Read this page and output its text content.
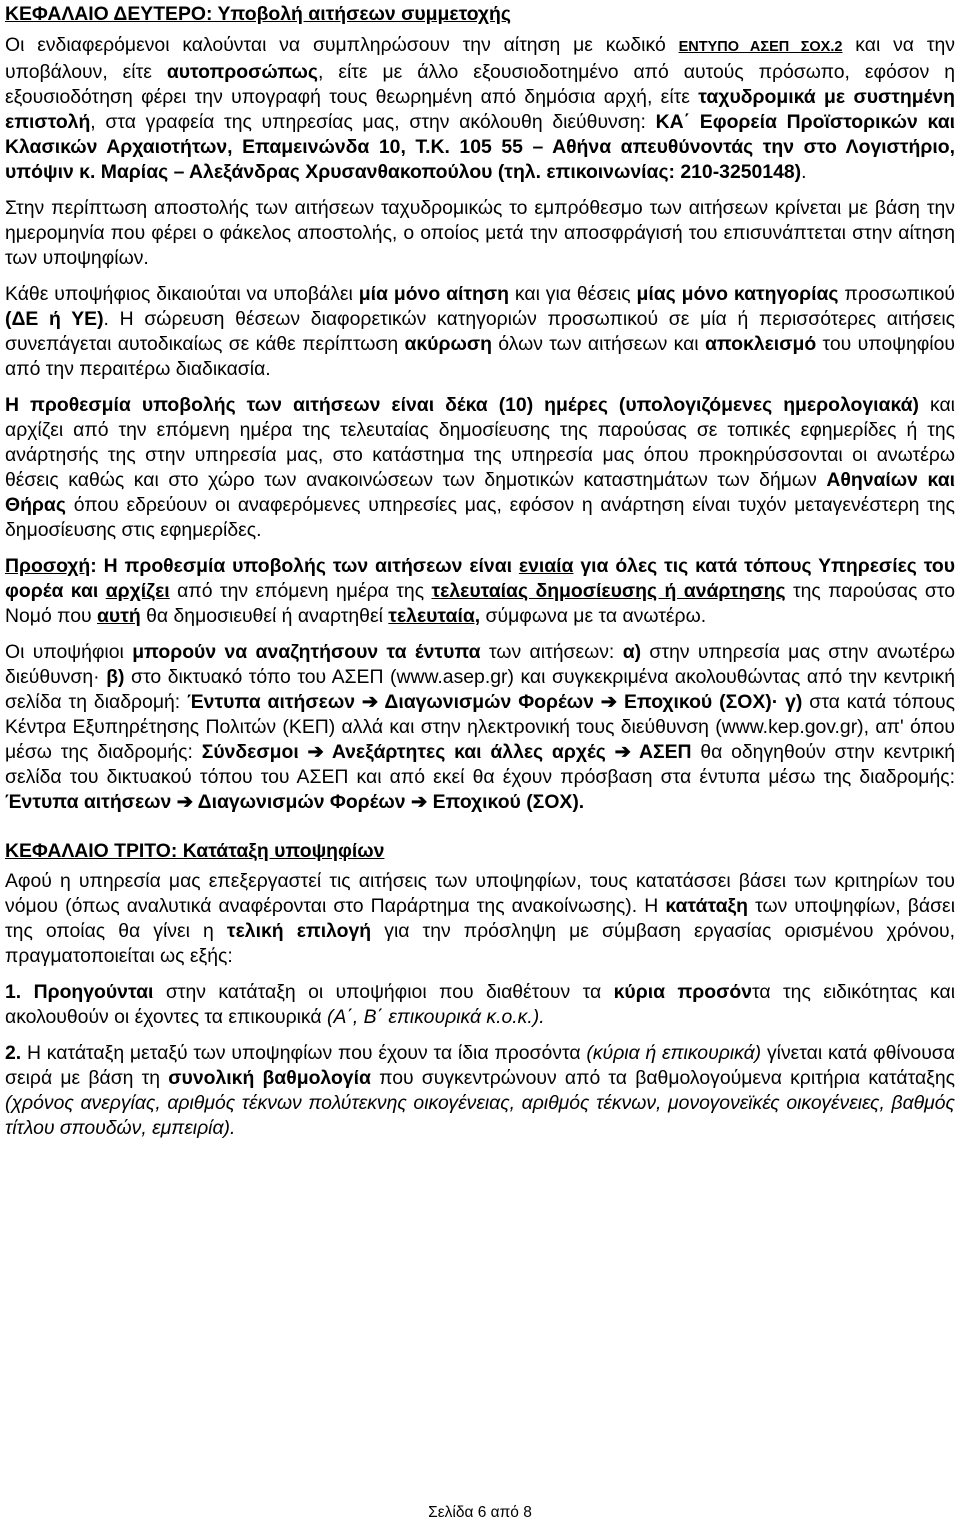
ΚΕΦΑΛΑΙΟ ΔΕΥΤΕΡΟ: Υποβολή αιτήσεων συμμετοχής

Οι ενδιαφερόμενοι καλούνται να συμπληρώσουν την αίτηση με κωδικό ΕΝΤΥΠΟ ΑΣΕΠ ΣΟΧ.2 και να την υποβάλουν, είτε αυτοπροσώπως, είτε με άλλο εξουσιοδοτημένο από αυτούς πρόσωπο, εφόσον η εξουσιοδότηση φέρει την υπογραφή τους θεωρημένη από δημόσια αρχή, είτε ταχυδρομικά με συστημένη επιστολή, στα γραφεία της υπηρεσίας μας, στην ακόλουθη διεύθυνση: ΚΑ΄ Εφορεία Προϊστορικών και Κλασικών Αρχαιοτήτων, Επαμεινώνδα 10, Τ.Κ. 105 55 – Αθήνα απευθύνοντάς την στο Λογιστήριο, υπόψιν κ. Μαρίας – Αλεξάνδρας Χρυσανθακοπούλου (τηλ. επικοινωνίας: 210-3250148).

Στην περίπτωση αποστολής των αιτήσεων ταχυδρομικώς το εμπρόθεσμο των αιτήσεων κρίνεται με βάση την ημερομηνία που φέρει ο φάκελος αποστολής, ο οποίος μετά την αποσφράγισή του επισυνάπτεται στην αίτηση των υποψηφίων.

Κάθε υποψήφιος δικαιούται να υποβάλει μία μόνο αίτηση και για θέσεις μίας μόνο κατηγορίας προσωπικού (ΔΕ ή ΥΕ). Η σώρευση θέσεων διαφορετικών κατηγοριών προσωπικού σε μία ή περισσότερες αιτήσεις συνεπάγεται αυτοδικαίως σε κάθε περίπτωση ακύρωση όλων των αιτήσεων και αποκλεισμό του υποψηφίου από την περαιτέρω διαδικασία.

Η προθεσμία υποβολής των αιτήσεων είναι δέκα (10) ημέρες (υπολογιζόμενες ημερολογιακά) και αρχίζει από την επόμενη ημέρα της τελευταίας δημοσίευσης της παρούσας σε τοπικές εφημερίδες ή της ανάρτησής της στην υπηρεσία μας, στο κατάστημα της υπηρεσία μας όπου προκηρύσσονται οι ανωτέρω θέσεις καθώς και στο χώρο των ανακοινώσεων των δημοτικών καταστημάτων των δήμων Αθηναίων και Θήρας όπου εδρεύουν οι αναφερόμενες υπηρεσίες μας, εφόσον η ανάρτηση είναι τυχόν μεταγενέστερη της δημοσίευσης στις εφημερίδες.

Προσοχή: Η προθεσμία υποβολής των αιτήσεων είναι ενιαία για όλες τις κατά τόπους Υπηρεσίες του φορέα και αρχίζει από την επόμενη ημέρα της τελευταίας δημοσίευσης ή ανάρτησης της παρούσας στο Νομό που αυτή θα δημοσιευθεί ή αναρτηθεί τελευταία, σύμφωνα με τα ανωτέρω.

Οι υποψήφιοι μπορούν να αναζητήσουν τα έντυπα των αιτήσεων: α) στην υπηρεσία μας στην ανωτέρω διεύθυνση· β) στο δικτυακό τόπο του ΑΣΕΠ (www.asep.gr) και συγκεκριμένα ακολουθώντας από την κεντρική σελίδα τη διαδρομή: Έντυπα αιτήσεων ➔ Διαγωνισμών Φορέων ➔ Εποχικού (ΣΟΧ)· γ) στα κατά τόπους Κέντρα Εξυπηρέτησης Πολιτών (ΚΕΠ) αλλά και στην ηλεκτρονική τους διεύθυνση (www.kep.gov.gr), απ' όπου μέσω της διαδρομής: Σύνδεσμοι ➔ Ανεξάρτητες και άλλες αρχές ➔ ΑΣΕΠ θα οδηγηθούν στην κεντρική σελίδα του δικτυακού τόπου του ΑΣΕΠ και από εκεί θα έχουν πρόσβαση στα έντυπα μέσω της διαδρομής: Έντυπα αιτήσεων ➔ Διαγωνισμών Φορέων ➔ Εποχικού (ΣΟΧ).

ΚΕΦΑΛΑΙΟ ΤΡΙΤΟ: Κατάταξη υποψηφίων

Αφού η υπηρεσία μας επεξεργαστεί τις αιτήσεις των υποψηφίων, τους κατατάσσει βάσει των κριτηρίων του νόμου (όπως αναλυτικά αναφέρονται στο Παράρτημα της ανακοίνωσης). Η κατάταξη των υποψηφίων, βάσει της οποίας θα γίνει η τελική επιλογή για την πρόσληψη με σύμβαση εργασίας ορισμένου χρόνου, πραγματοποιείται ως εξής:

1. Προηγούνται στην κατάταξη οι υποψήφιοι που διαθέτουν τα κύρια προσόντα της ειδικότητας και ακολουθούν οι έχοντες τα επικουρικά (Α΄, Β΄ επικουρικά κ.ο.κ.).

2. Η κατάταξη μεταξύ των υποψηφίων που έχουν τα ίδια προσόντα (κύρια ή επικουρικά) γίνεται κατά φθίνουσα σειρά με βάση τη συνολική βαθμολογία που συγκεντρώνουν από τα βαθμολογούμενα κριτήρια κατάταξης (χρόνος ανεργίας, αριθμός τέκνων πολύτεκνης οικογένειας, αριθμός τέκνων, μονογονεϊκές οικογένειες, βαθμός τίτλου σπουδών, εμπειρία).

Σελίδα 6 από 8
